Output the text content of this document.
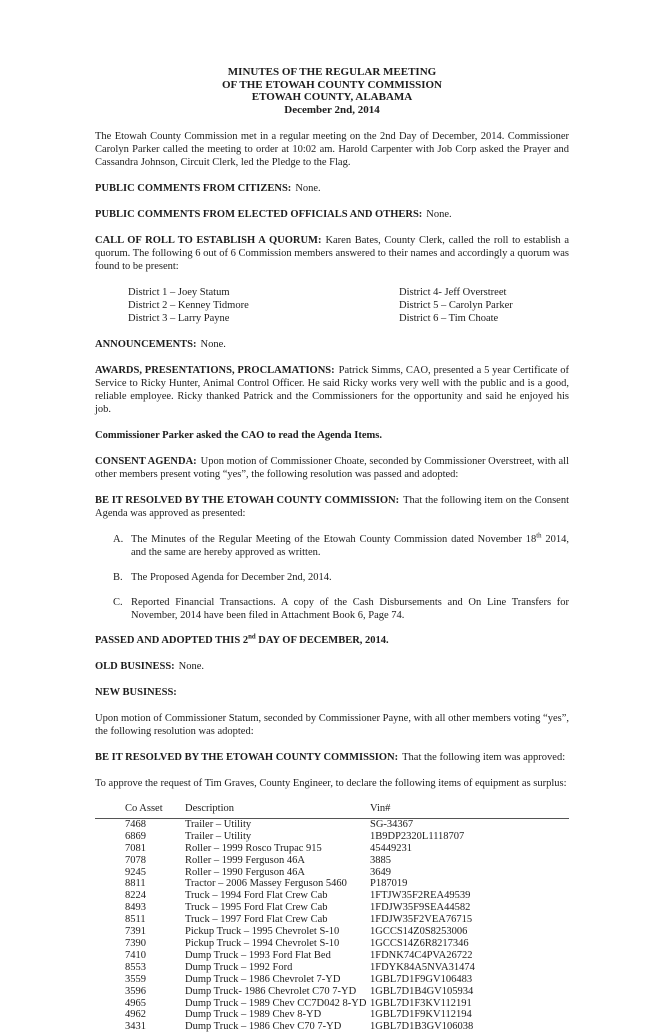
MINUTES OF THE REGULAR MEETING
OF THE ETOWAH COUNTY COMMISSION
ETOWAH COUNTY, ALABAMA
December 2nd, 2014

The Etowah County Commission met in a regular meeting on the 2nd Day of December, 2014. Commissioner Carolyn Parker called the meeting to order at 10:02 am. Harold Carpenter with Job Corp asked the Prayer and Cassandra Johnson, Circuit Clerk, led the Pledge to the Flag.

PUBLIC COMMENTS FROM CITIZENS: None.

PUBLIC COMMENTS FROM ELECTED OFFICIALS AND OTHERS: None.

CALL OF ROLL TO ESTABLISH A QUORUM: Karen Bates, County Clerk, called the roll to establish a quorum. The following 6 out of 6 Commission members answered to their names and accordingly a quorum was found to be present:

District 1 – Joey Statum
District 2 – Kenney Tidmore
District 3 – Larry Payne
District 4- Jeff Overstreet
District 5 – Carolyn Parker
District 6 – Tim Choate

ANNOUNCEMENTS: None.

AWARDS, PRESENTATIONS, PROCLAMATIONS: Patrick Simms, CAO, presented a 5 year Certificate of Service to Ricky Hunter, Animal Control Officer. He said Ricky works very well with the public and is a good, reliable employee. Ricky thanked Patrick and the Commissioners for the opportunity and said he enjoyed his job.

Commissioner Parker asked the CAO to read the Agenda Items.

CONSENT AGENDA: Upon motion of Commissioner Choate, seconded by Commissioner Overstreet, with all other members present voting “yes”, the following resolution was passed and adopted:

BE IT RESOLVED BY THE ETOWAH COUNTY COMMISSION: That the following item on the Consent Agenda was approved as presented:

A. The Minutes of the Regular Meeting of the Etowah County Commission dated November 18th 2014, and the same are hereby approved as written.
B. The Proposed Agenda for December 2nd, 2014.
C. Reported Financial Transactions. A copy of the Cash Disbursements and On Line Transfers for November, 2014 have been filed in Attachment Book 6, Page 74.

PASSED AND ADOPTED THIS 2nd DAY OF DECEMBER, 2014.

OLD BUSINESS: None.

NEW BUSINESS:

Upon motion of Commissioner Statum, seconded by Commissioner Payne, with all other members voting “yes”, the following resolution was adopted:

BE IT RESOLVED BY THE ETOWAH COUNTY COMMISSION: That the following item was approved:

To approve the request of Tim Graves, County Engineer, to declare the following items of equipment as surplus:

Co Asset	Description	Vin#
7468	Trailer – Utility	SG-34367
6869	Trailer – Utility	1B9DP2320L1118707
7081	Roller – 1999 Rosco Trupac 915	45449231
7078	Roller – 1999 Ferguson 46A	3885
9245	Roller – 1990 Ferguson 46A	3649
8811	Tractor – 2006 Massey Ferguson 5460	P187019
8224	Truck – 1994 Ford Flat Crew Cab	1FTJW35F2REA49539
8493	Truck – 1995 Ford Flat Crew Cab	1FDJW35F9SEA44582
8511	Truck – 1997 Ford Flat Crew Cab	1FDJW35F2VEA76715
7391	Pickup Truck – 1995 Chevrolet S-10	1GCCS14Z0S8253006
7390	Pickup Truck – 1994 Chevrolet S-10	1GCCS14Z6R8217346
7410	Dump Truck – 1993 Ford Flat Bed	1FDNK74C4PVA26722
8553	Dump Truck – 1992 Ford	1FDYK84A5NVA31474
3559	Dump Truck – 1986 Chevrolet 7-YD	1GBL7D1F9GV106483
3596	Dump Truck- 1986 Chevrolet C70 7-YD	1GBL7D1B4GV105934
4965	Dump Truck – 1989 Chev CC7D042 8-YD	1GBL7D1F3KV112191
4962	Dump Truck – 1989 Chev 8-YD	1GBL7D1F9KV112194
3431	Dump Truck – 1986 Chev C70 7-YD	1GBL7D1B3GV106038
